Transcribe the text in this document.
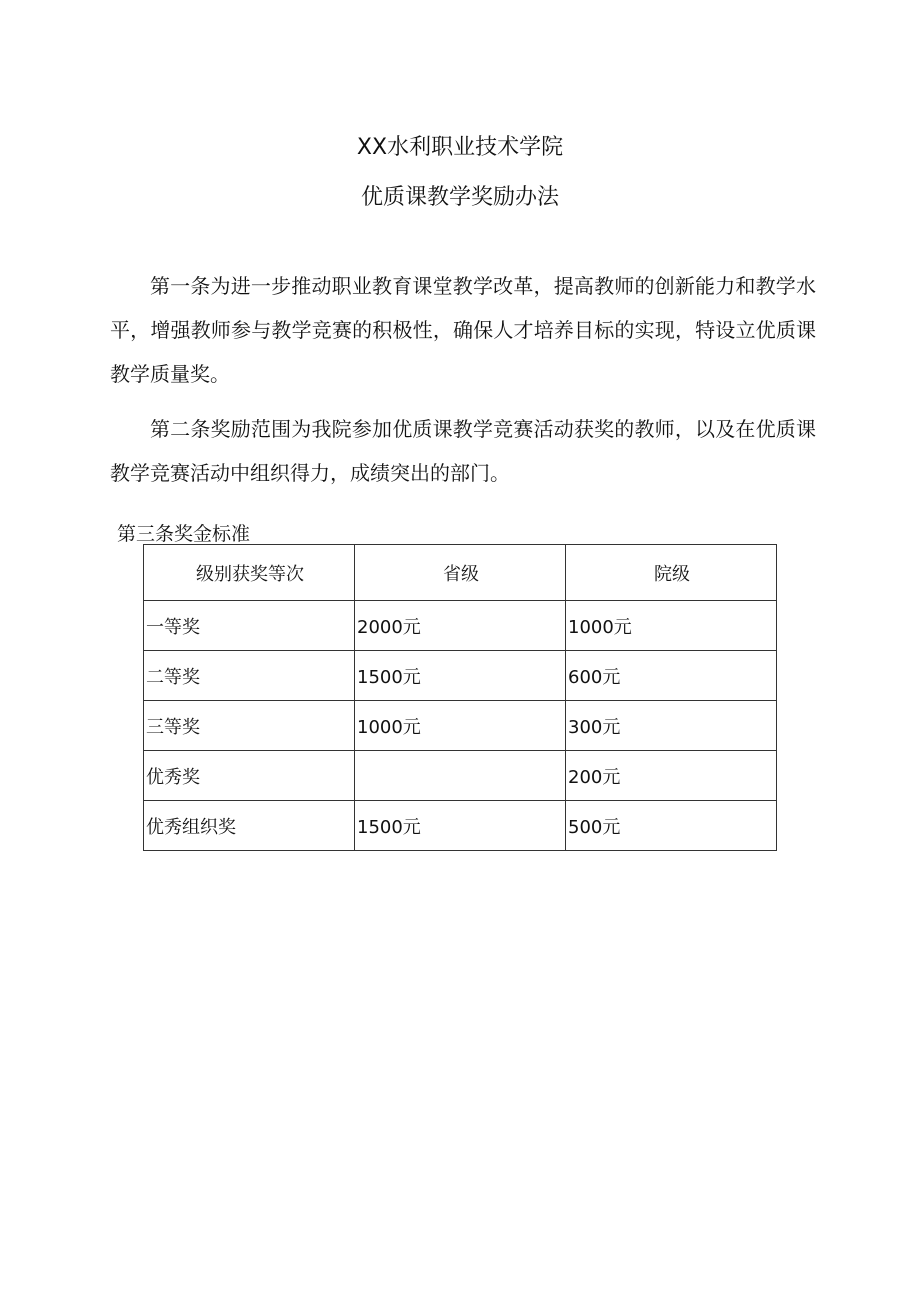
XX水利职业技术学院
优质课教学奖励办法

第一条为进一步推动职业教育课堂教学改革，提高教师的创新能力和教学水平，增强教师参与教学竞赛的积极性，确保人才培养目标的实现，特设立优质课教学质量奖。

第二条奖励范围为我院参加优质课教学竞赛活动获奖的教师，以及在优质课教学竞赛活动中组织得力，成绩突出的部门。

第三条奖金标准

级别获奖等次	省级	院级
一等奖	2000元	1000元
二等奖	1500元	600元
三等奖	1000元	300元
优秀奖		200元
优秀组织奖	1500元	500元
